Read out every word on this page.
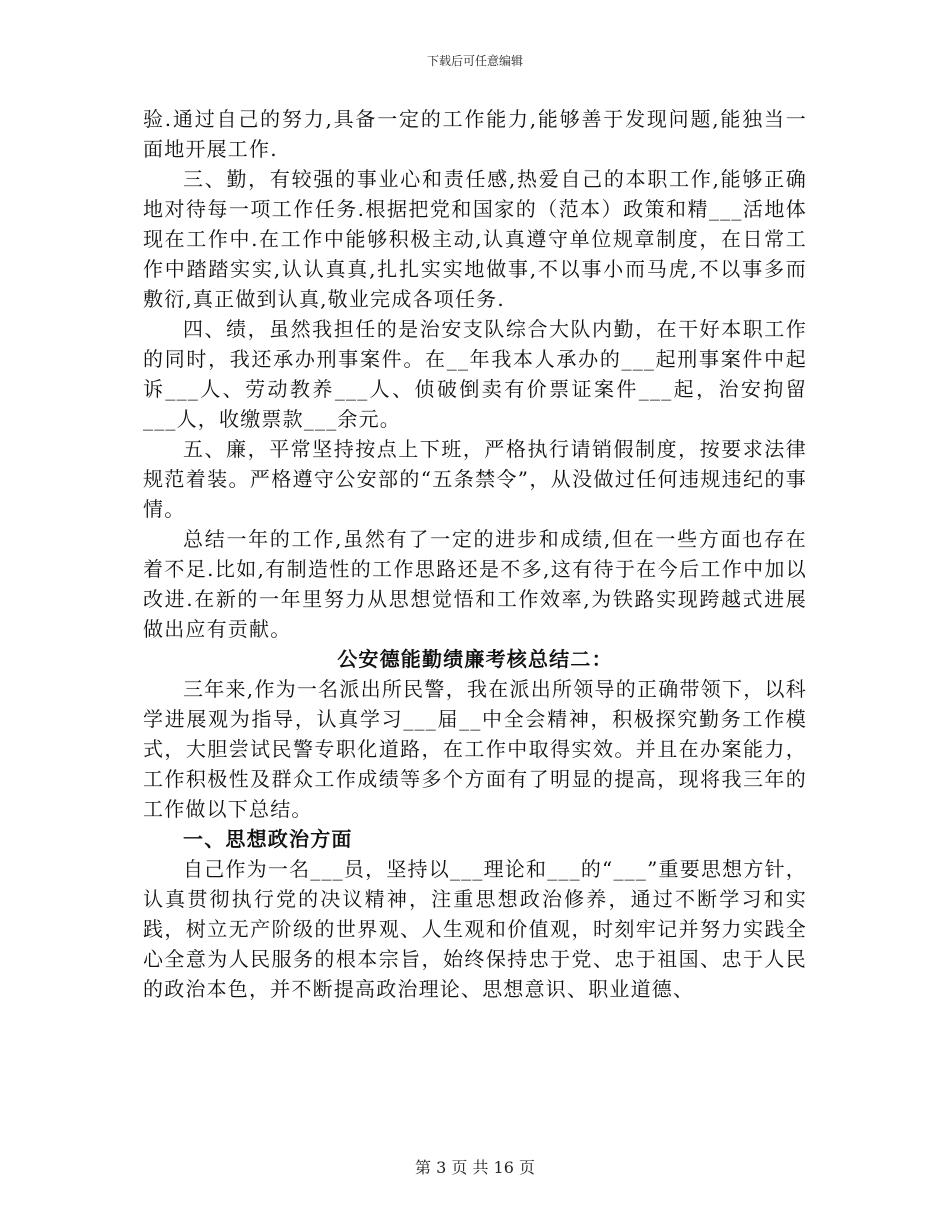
下载后可任意编辑

验.通过自己的努力,具备一定的工作能力,能够善于发现问题,能独当一面地开展工作.

三、勤，有较强的事业心和责任感,热爱自己的本职工作,能够正确地对待每一项工作任务.根据把党和国家的（范本）政策和精___活地体现在工作中.在工作中能够积极主动,认真遵守单位规章制度，在日常工作中踏踏实实,认认真真,扎扎实实地做事,不以事小而马虎,不以事多而敷衍,真正做到认真,敬业完成各项任务.

四、绩，虽然我担任的是治安支队综合大队内勤，在干好本职工作的同时，我还承办刑事案件。在__年我本人承办的___起刑事案件中起诉___人、劳动教养___人、侦破倒卖有价票证案件___起，治安拘留___人，收缴票款___余元。

五、廉，平常坚持按点上下班，严格执行请销假制度，按要求法律规范着装。严格遵守公安部的“五条禁令”，从没做过任何违规违纪的事情。

总结一年的工作,虽然有了一定的进步和成绩,但在一些方面也存在着不足.比如,有制造性的工作思路还是不多,这有待于在今后工作中加以改进.在新的一年里努力从思想觉悟和工作效率,为铁路实现跨越式进展做出应有贡献。

公安德能勤绩廉考核总结二：

三年来,作为一名派出所民警，我在派出所领导的正确带领下，以科学进展观为指导，认真学习___届__中全会精神，积极探究勤务工作模式，大胆尝试民警专职化道路，在工作中取得实效。并且在办案能力，工作积极性及群众工作成绩等多个方面有了明显的提高，现将我三年的工作做以下总结。

一、思想政治方面

自己作为一名___员，坚持以___理论和___的“___”重要思想方针，认真贯彻执行党的决议精神，注重思想政治修养，通过不断学习和实践，树立无产阶级的世界观、人生观和价值观，时刻牢记并努力实践全心全意为人民服务的根本宗旨，始终保持忠于党、忠于祖国、忠于人民的政治本色，并不断提高政治理论、思想意识、职业道德、

第 3 页 共 16 页
